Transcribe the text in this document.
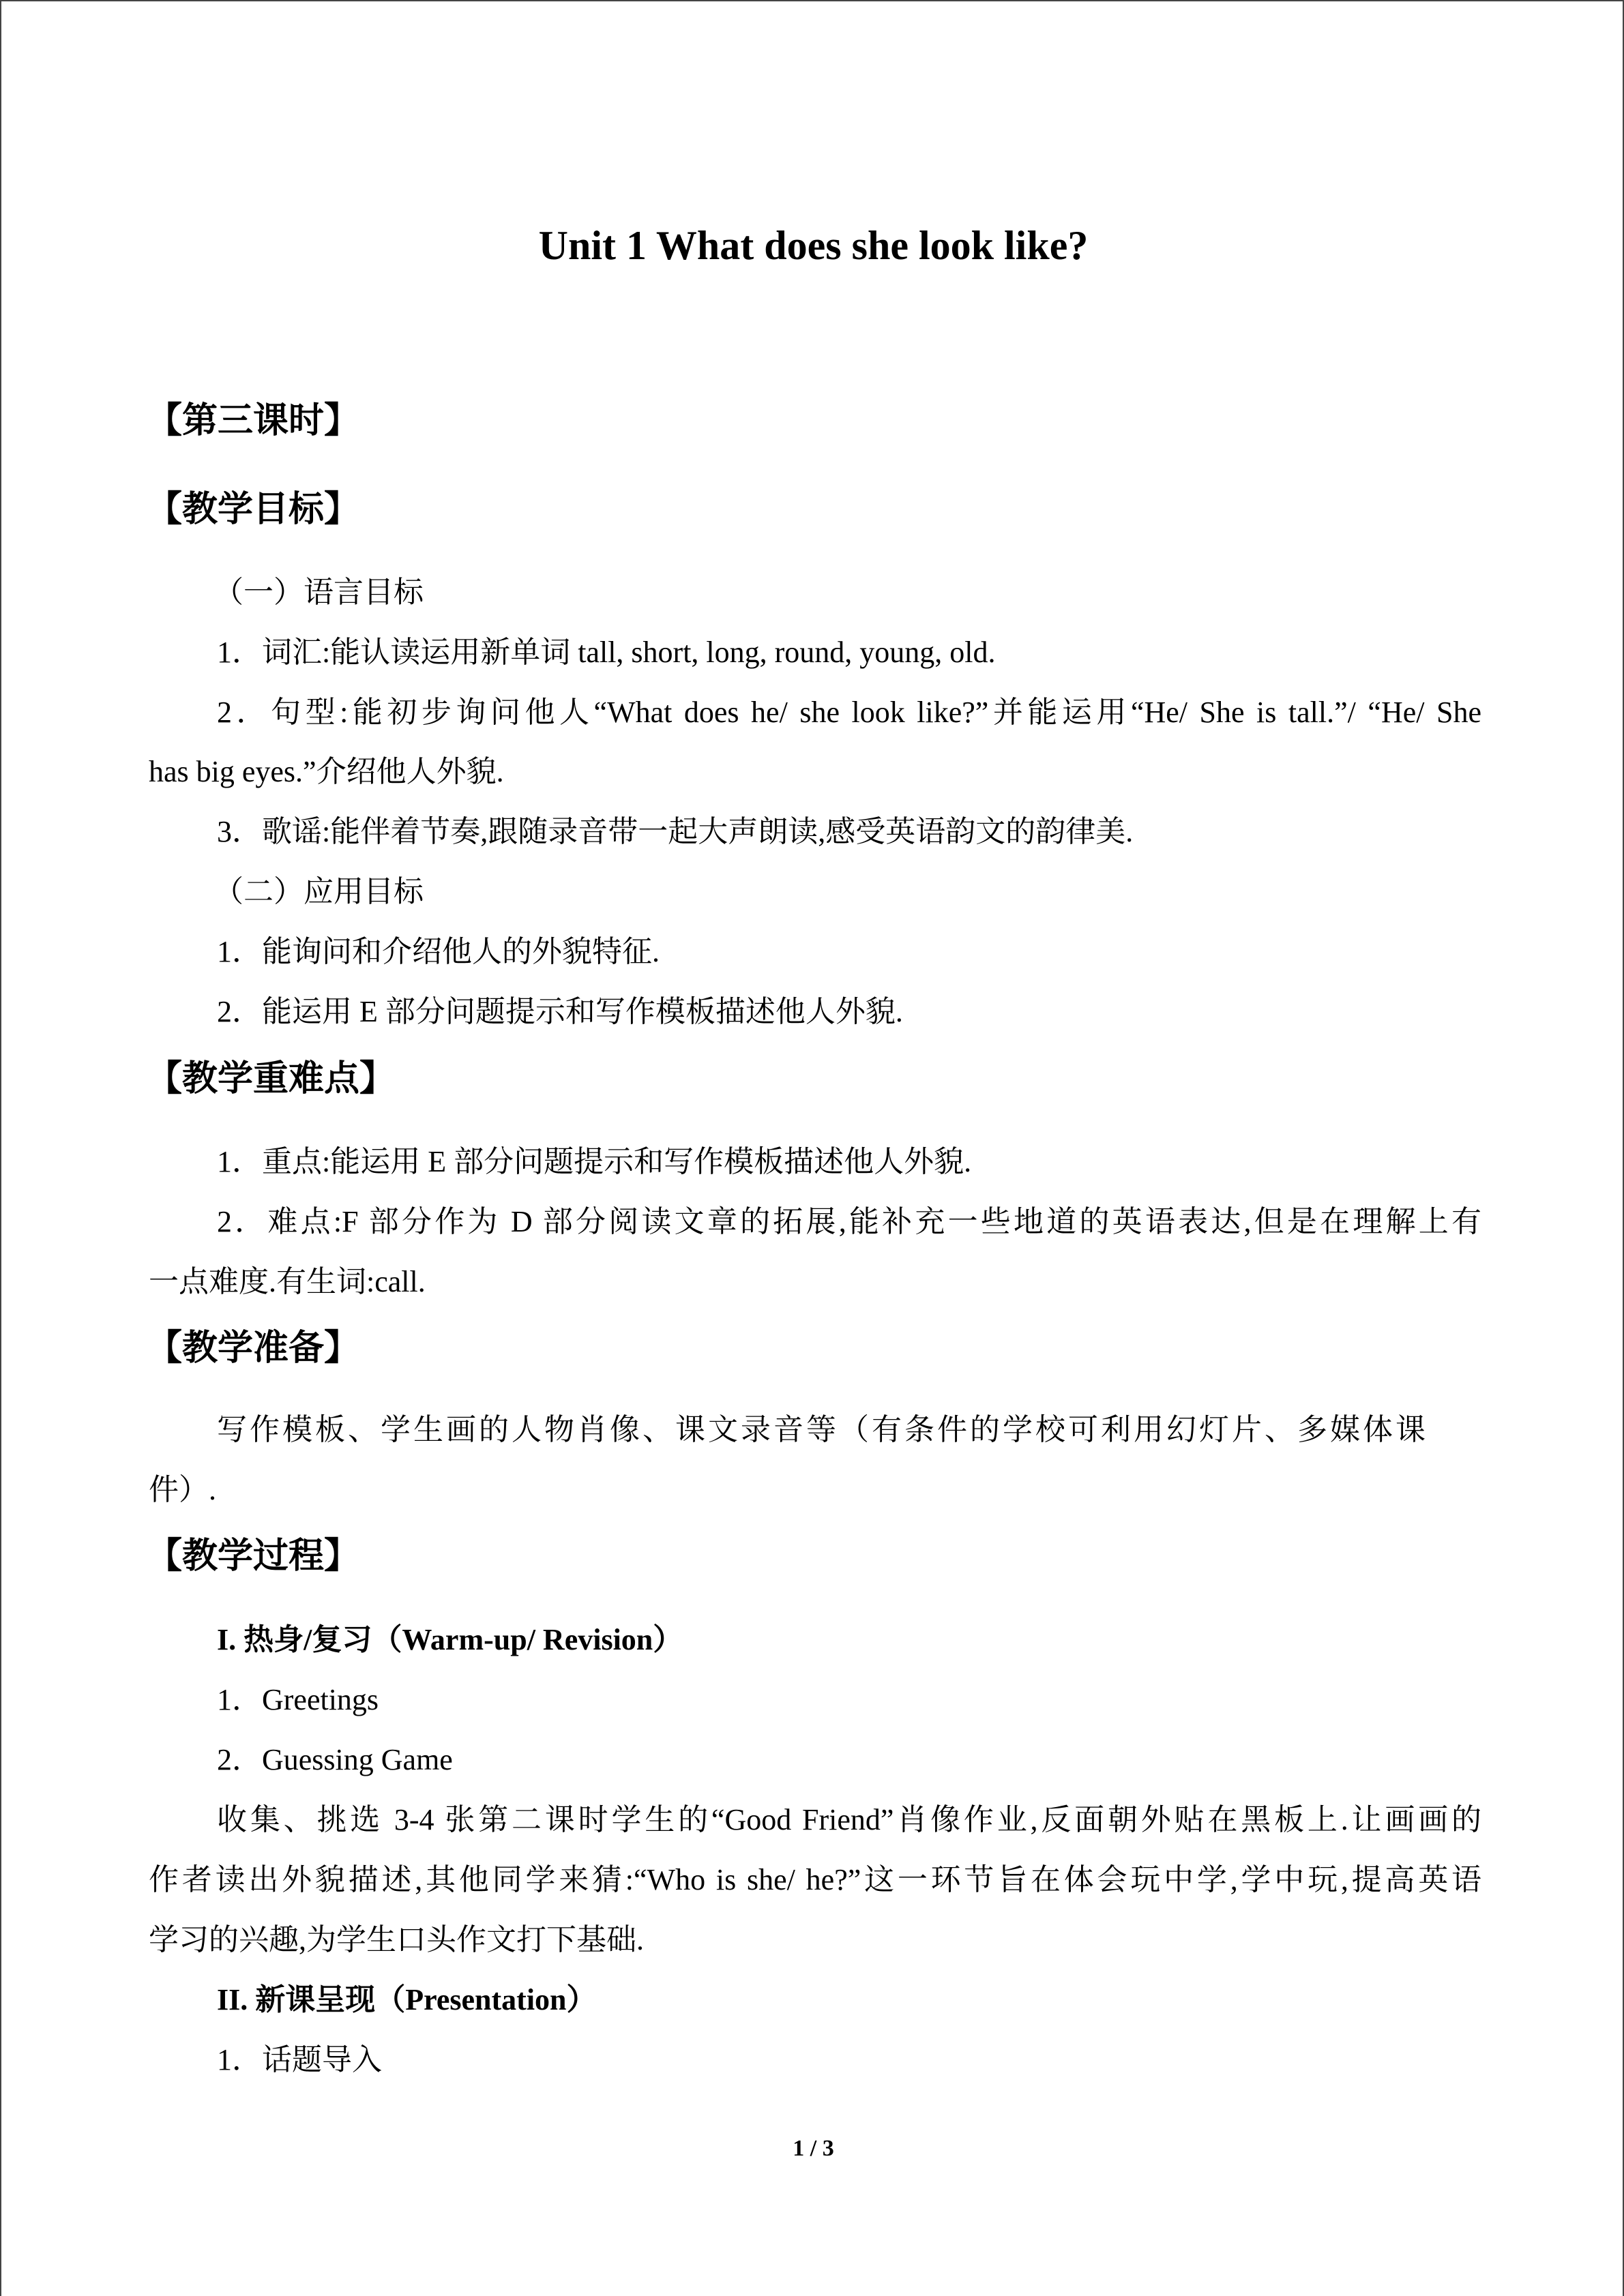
Unit 1 What does she look like?
【第三课时】
【教学目标】
（一）语言目标
1．词汇:能认读运用新单词 tall, short, long, round, young, old.
2．句型:能初步询问他人“What does he/ she look like?”并能运用“He/ She is tall.”/ “He/ She
has big eyes.”介绍他人外貌.
3．歌谣:能伴着节奏,跟随录音带一起大声朗读,感受英语韵文的韵律美.
（二）应用目标
1．能询问和介绍他人的外貌特征.
2．能运用 E 部分问题提示和写作模板描述他人外貌.
【教学重难点】
1．重点:能运用 E 部分问题提示和写作模板描述他人外貌.
2．难点:F 部分作为 D 部分阅读文章的拓展,能补充一些地道的英语表达,但是在理解上有
一点难度.有生词:call.
【教学准备】
写作模板、学生画的人物肖像、课文录音等（有条件的学校可利用幻灯片、多媒体课
件）.
【教学过程】
I. 热身/复习（Warm-up/ Revision）
1．Greetings
2．Guessing Game
收集、挑选 3-4 张第二课时学生的“Good Friend”肖像作业,反面朝外贴在黑板上.让画画的
作者读出外貌描述,其他同学来猜:“Who is she/ he?”这一环节旨在体会玩中学,学中玩,提高英语
学习的兴趣,为学生口头作文打下基础.
II. 新课呈现（Presentation）
1．话题导入
1 / 3
